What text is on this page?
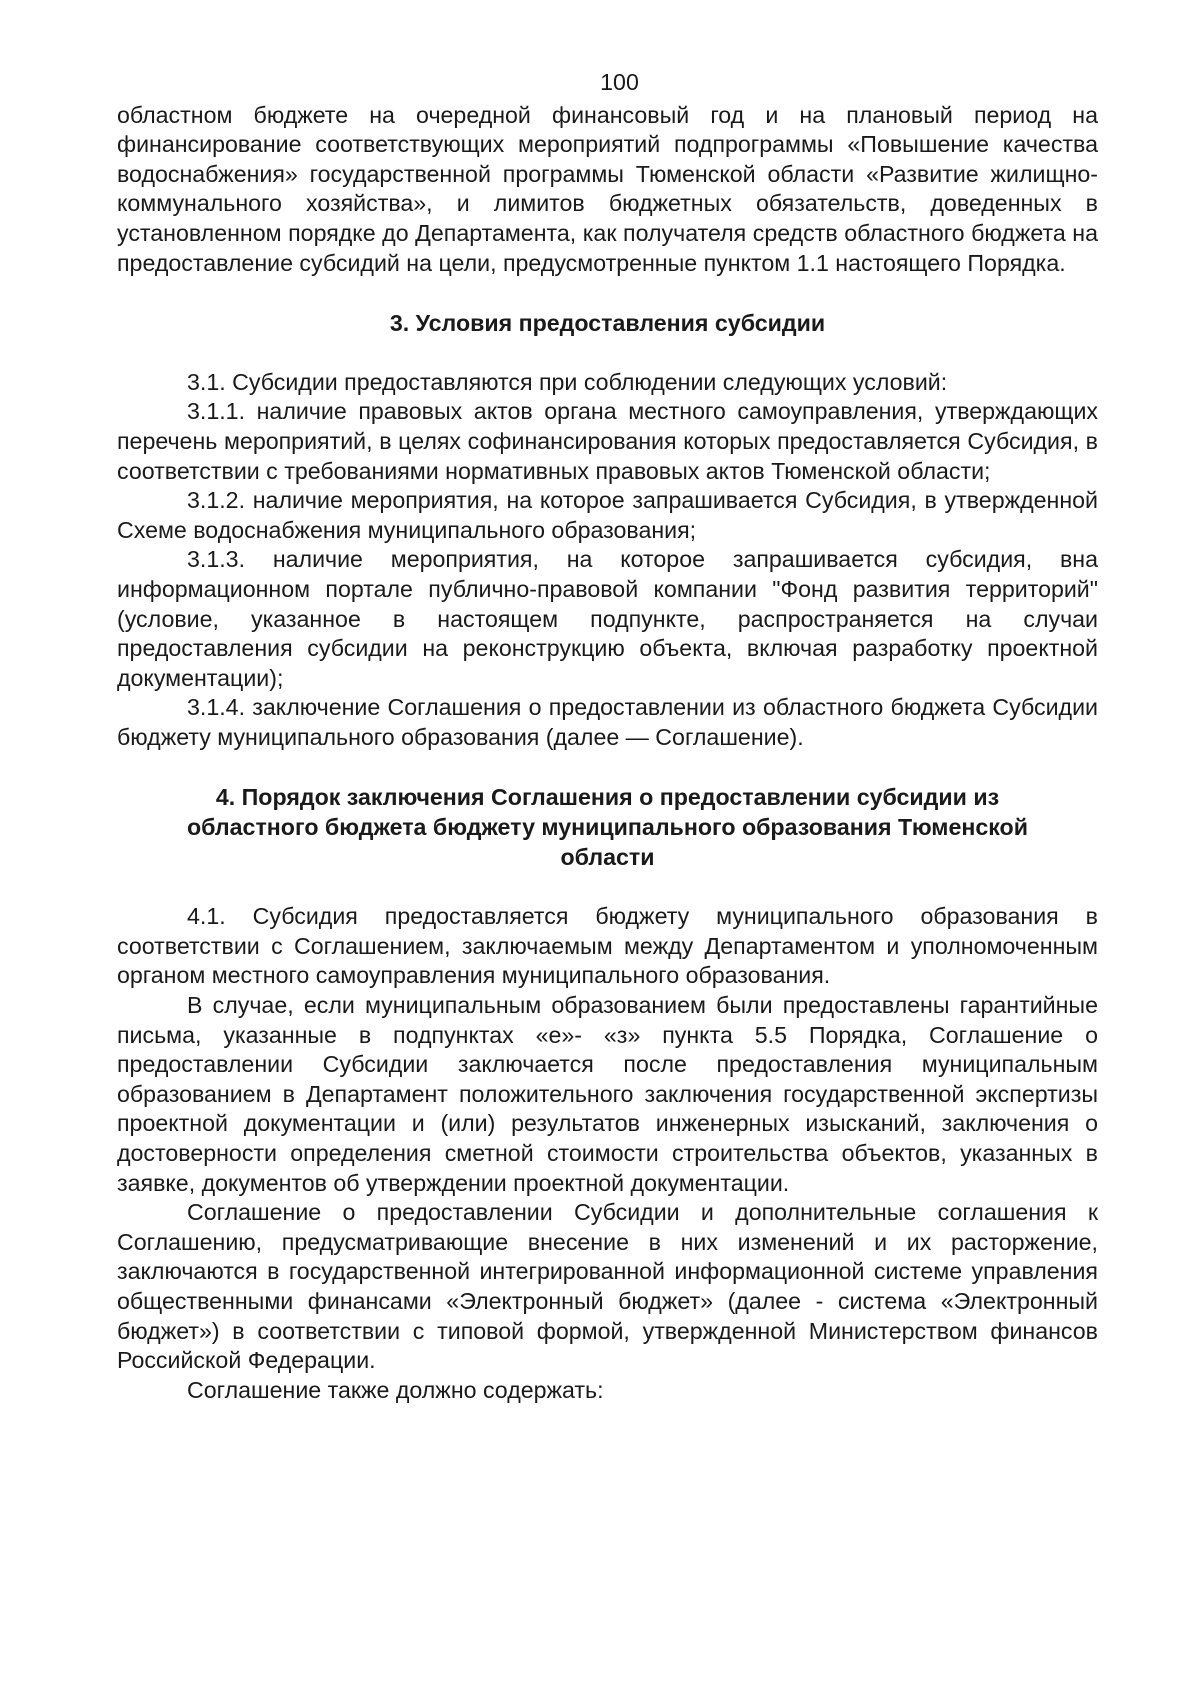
100

областном бюджете на очередной финансовый год и на плановый период на финансирование соответствующих мероприятий подпрограммы «Повышение качества водоснабжения» государственной программы Тюменской области «Развитие жилищно-коммунального хозяйства», и лимитов бюджетных обязательств, доведенных в установленном порядке до Департамента, как получателя средств областного бюджета на предоставление субсидий на цели, предусмотренные пунктом 1.1 настоящего Порядка.

3. Условия предоставления субсидии

3.1. Субсидии предоставляются при соблюдении следующих условий:

3.1.1. наличие правовых актов органа местного самоуправления, утверждающих перечень мероприятий, в целях софинансирования которых предоставляется Субсидия, в соответствии с требованиями нормативных правовых актов Тюменской области;

3.1.2. наличие мероприятия, на которое запрашивается Субсидия, в утвержденной Схеме водоснабжения муниципального образования;

3.1.3. наличие мероприятия, на которое запрашивается субсидия, вна информационном портале публично-правовой компании "Фонд развития территорий" (условие, указанное в настоящем подпункте, распространяется на случаи предоставления субсидии на реконструкцию объекта, включая разработку проектной документации);

3.1.4. заключение Соглашения о предоставлении из областного бюджета Субсидии бюджету муниципального образования (далее — Соглашение).

4. Порядок заключения Соглашения о предоставлении субсидии из
областного бюджета бюджету муниципального образования Тюменской
области

4.1. Субсидия предоставляется бюджету муниципального образования в соответствии с Соглашением, заключаемым между Департаментом и уполномоченным органом местного самоуправления муниципального образования.

В случае, если муниципальным образованием были предоставлены гарантийные письма, указанные в подпунктах «е»- «з» пункта 5.5 Порядка, Соглашение о предоставлении Субсидии заключается после предоставления муниципальным образованием в Департамент положительного заключения государственной экспертизы проектной документации и (или) результатов инженерных изысканий, заключения о достоверности определения сметной стоимости строительства объектов, указанных в заявке, документов об утверждении проектной документации.

Соглашение о предоставлении Субсидии и дополнительные соглашения к Соглашению, предусматривающие внесение в них изменений и их расторжение, заключаются в государственной интегрированной информационной системе управления общественными финансами «Электронный бюджет» (далее - система «Электронный бюджет») в соответствии с типовой формой, утвержденной Министерством финансов Российской Федерации.

Соглашение также должно содержать:
